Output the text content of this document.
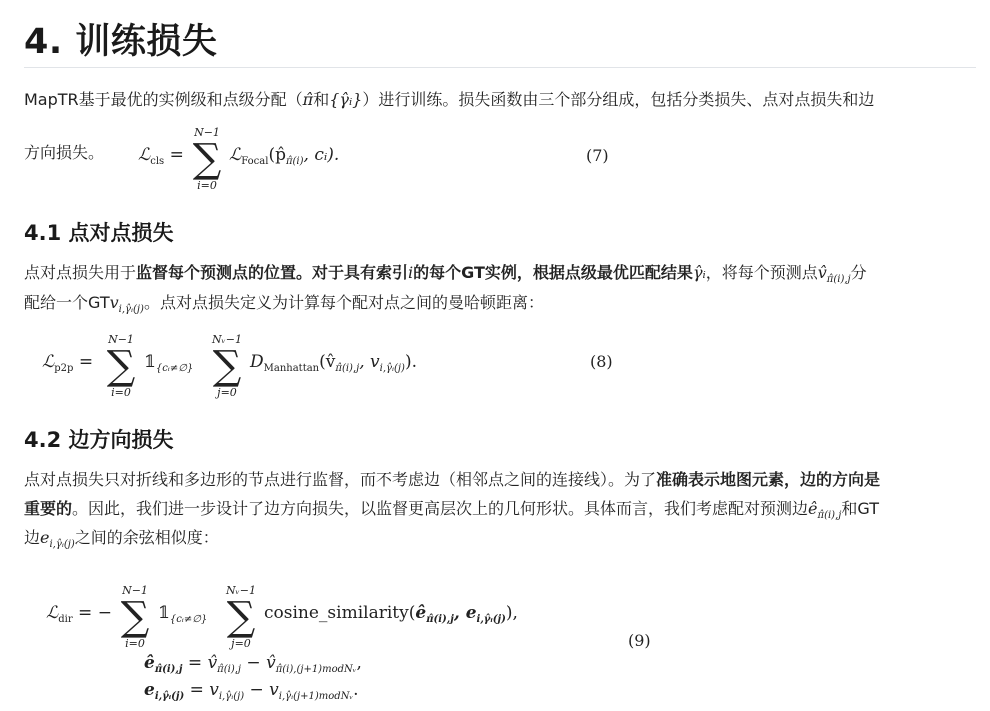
4. 训练损失

MapTR基于最优的实例级和点级分配（π̂和{γ̂ᵢ}）进行训练。损失函数由三个部分组成，包括分类损失、点对点损失和边

方向损失。 ℒ$_{cls}$ =
N−1
∑
i=0
$ℒ_{Focal}(p̂_{\pî(i)}$, cᵢ).	(7)
4.1 点对点损失

点对点损失用于监督每个预测点的位置。对于具有索引i的每个GT实例，根据点级最优匹配结果γ̂ᵢ，将每个预测点$v̂_{\pî(i),j}$分

配给一个GTv$_{i,\gammâᵢ(j)}$。点对点损失定义为计算每个配对点之间的曼哈顿距离：

ℒ$_{p2p}$ =
N−1
∑
i=0
$𝟙_{\{cᵢ\ne\emptyset\}}$
Nᵥ−1
∑
j=0
$D_{Manhattan}(v̂_{\pî(i),j}$, $v_{i,\gammâᵢ(j)}$).	(8)
4.2 边方向损失

点对点损失只对折线和多边形的节点进行监督，而不考虑边（相邻点之间的连接线）。为了准确表示地图元素，边的方向是

重要的。因此，我们进一步设计了边方向损失，以监督更高层次上的几何形状。具体而言，我们考虑配对预测边$ê_{\pî(i),j}$和GT

边$e_{i,\gammâᵢ(j)}$之间的余弦相似度：

ℒ$_{dir}$ = −
N−1
∑
i=0
$𝟙_{\{cᵢ\ne\emptyset\}}$
Nᵥ−1
∑
j=0
$cosine\_similarity(ê_{\pî(i),j}$, $e_{i,\gammâᵢ(j)}$),
$ê_{\pî(i),j}$ = $v̂_{\pî(i),j}$ − $v̂_{\pî(i),(j+1)modNᵥ}$,
$e_{i,\gammâᵢ(j)} = v_{i,\gammâᵢ(j)} - v_{i,\gammâᵢ(j+1)modNᵥ}$.
(9)
